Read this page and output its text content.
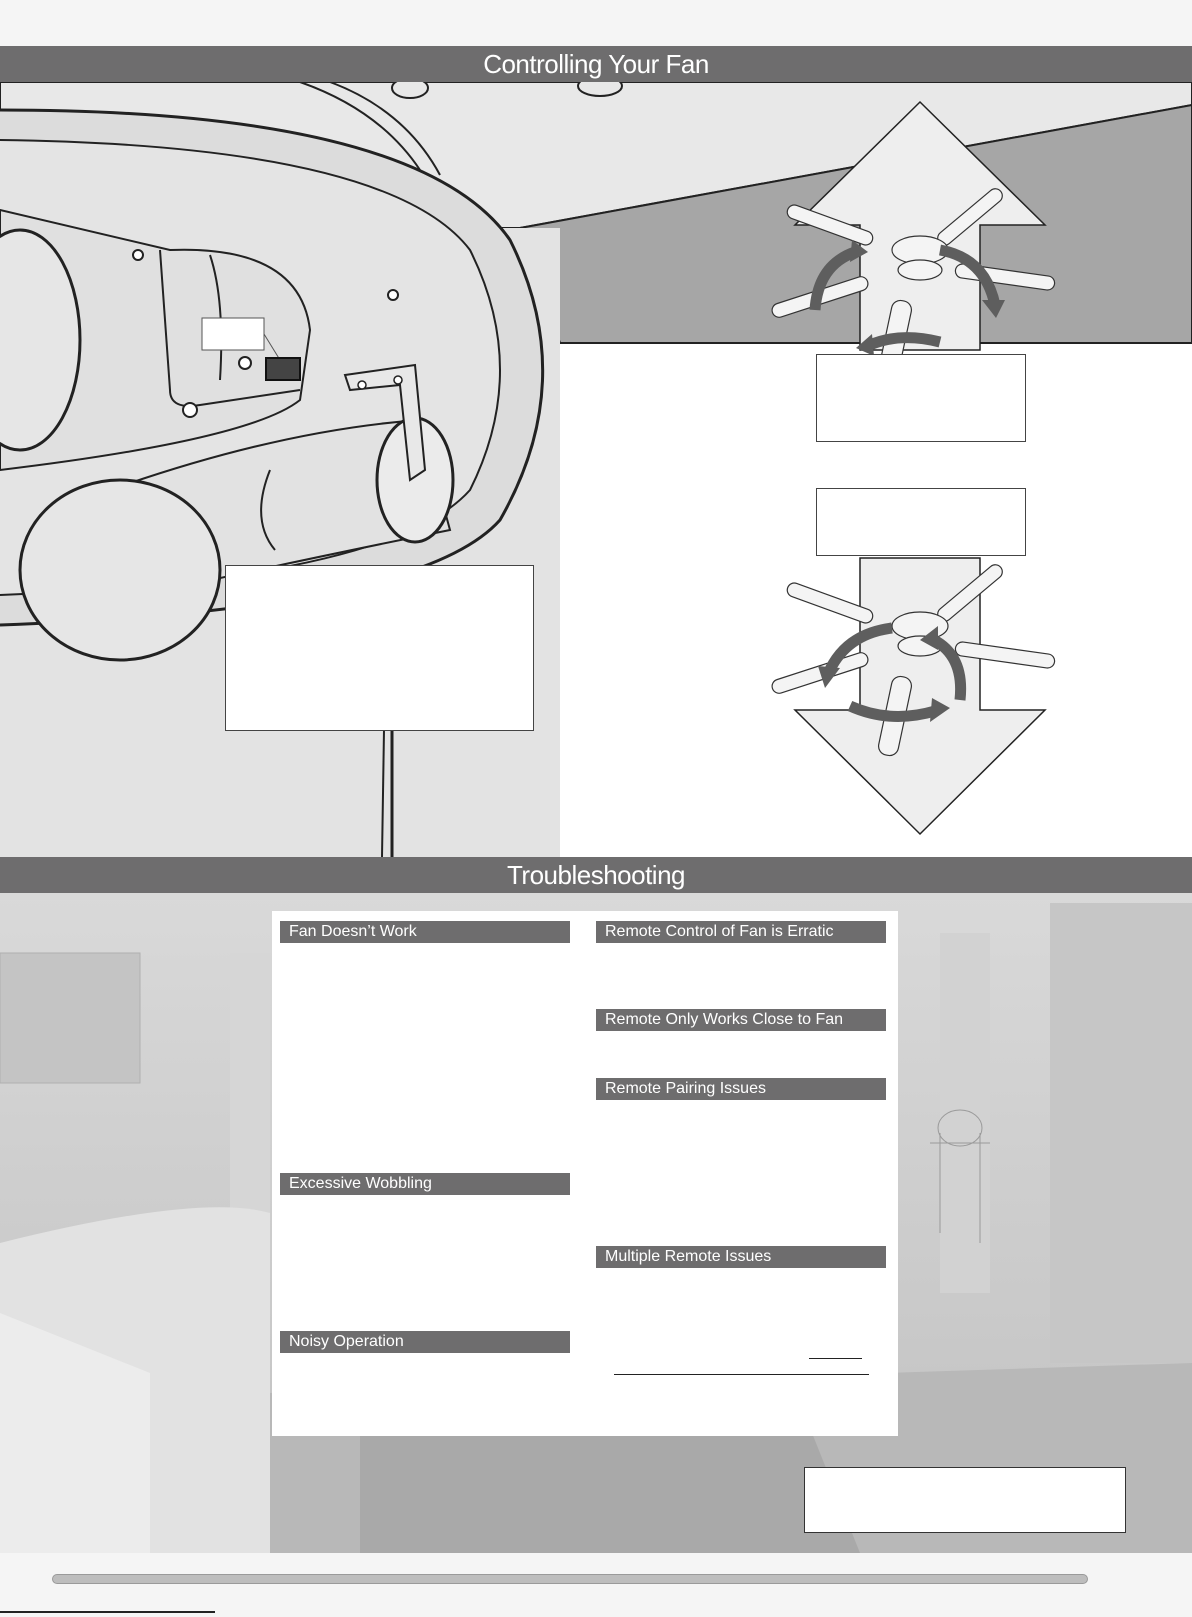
Controlling Your Fan
Troubleshooting
Fan Doesn’t Work
Excessive Wobbling
Noisy Operation
Remote Control of Fan is Erratic
Remote Only Works Close to Fan
Remote Pairing Issues
Multiple Remote Issues
